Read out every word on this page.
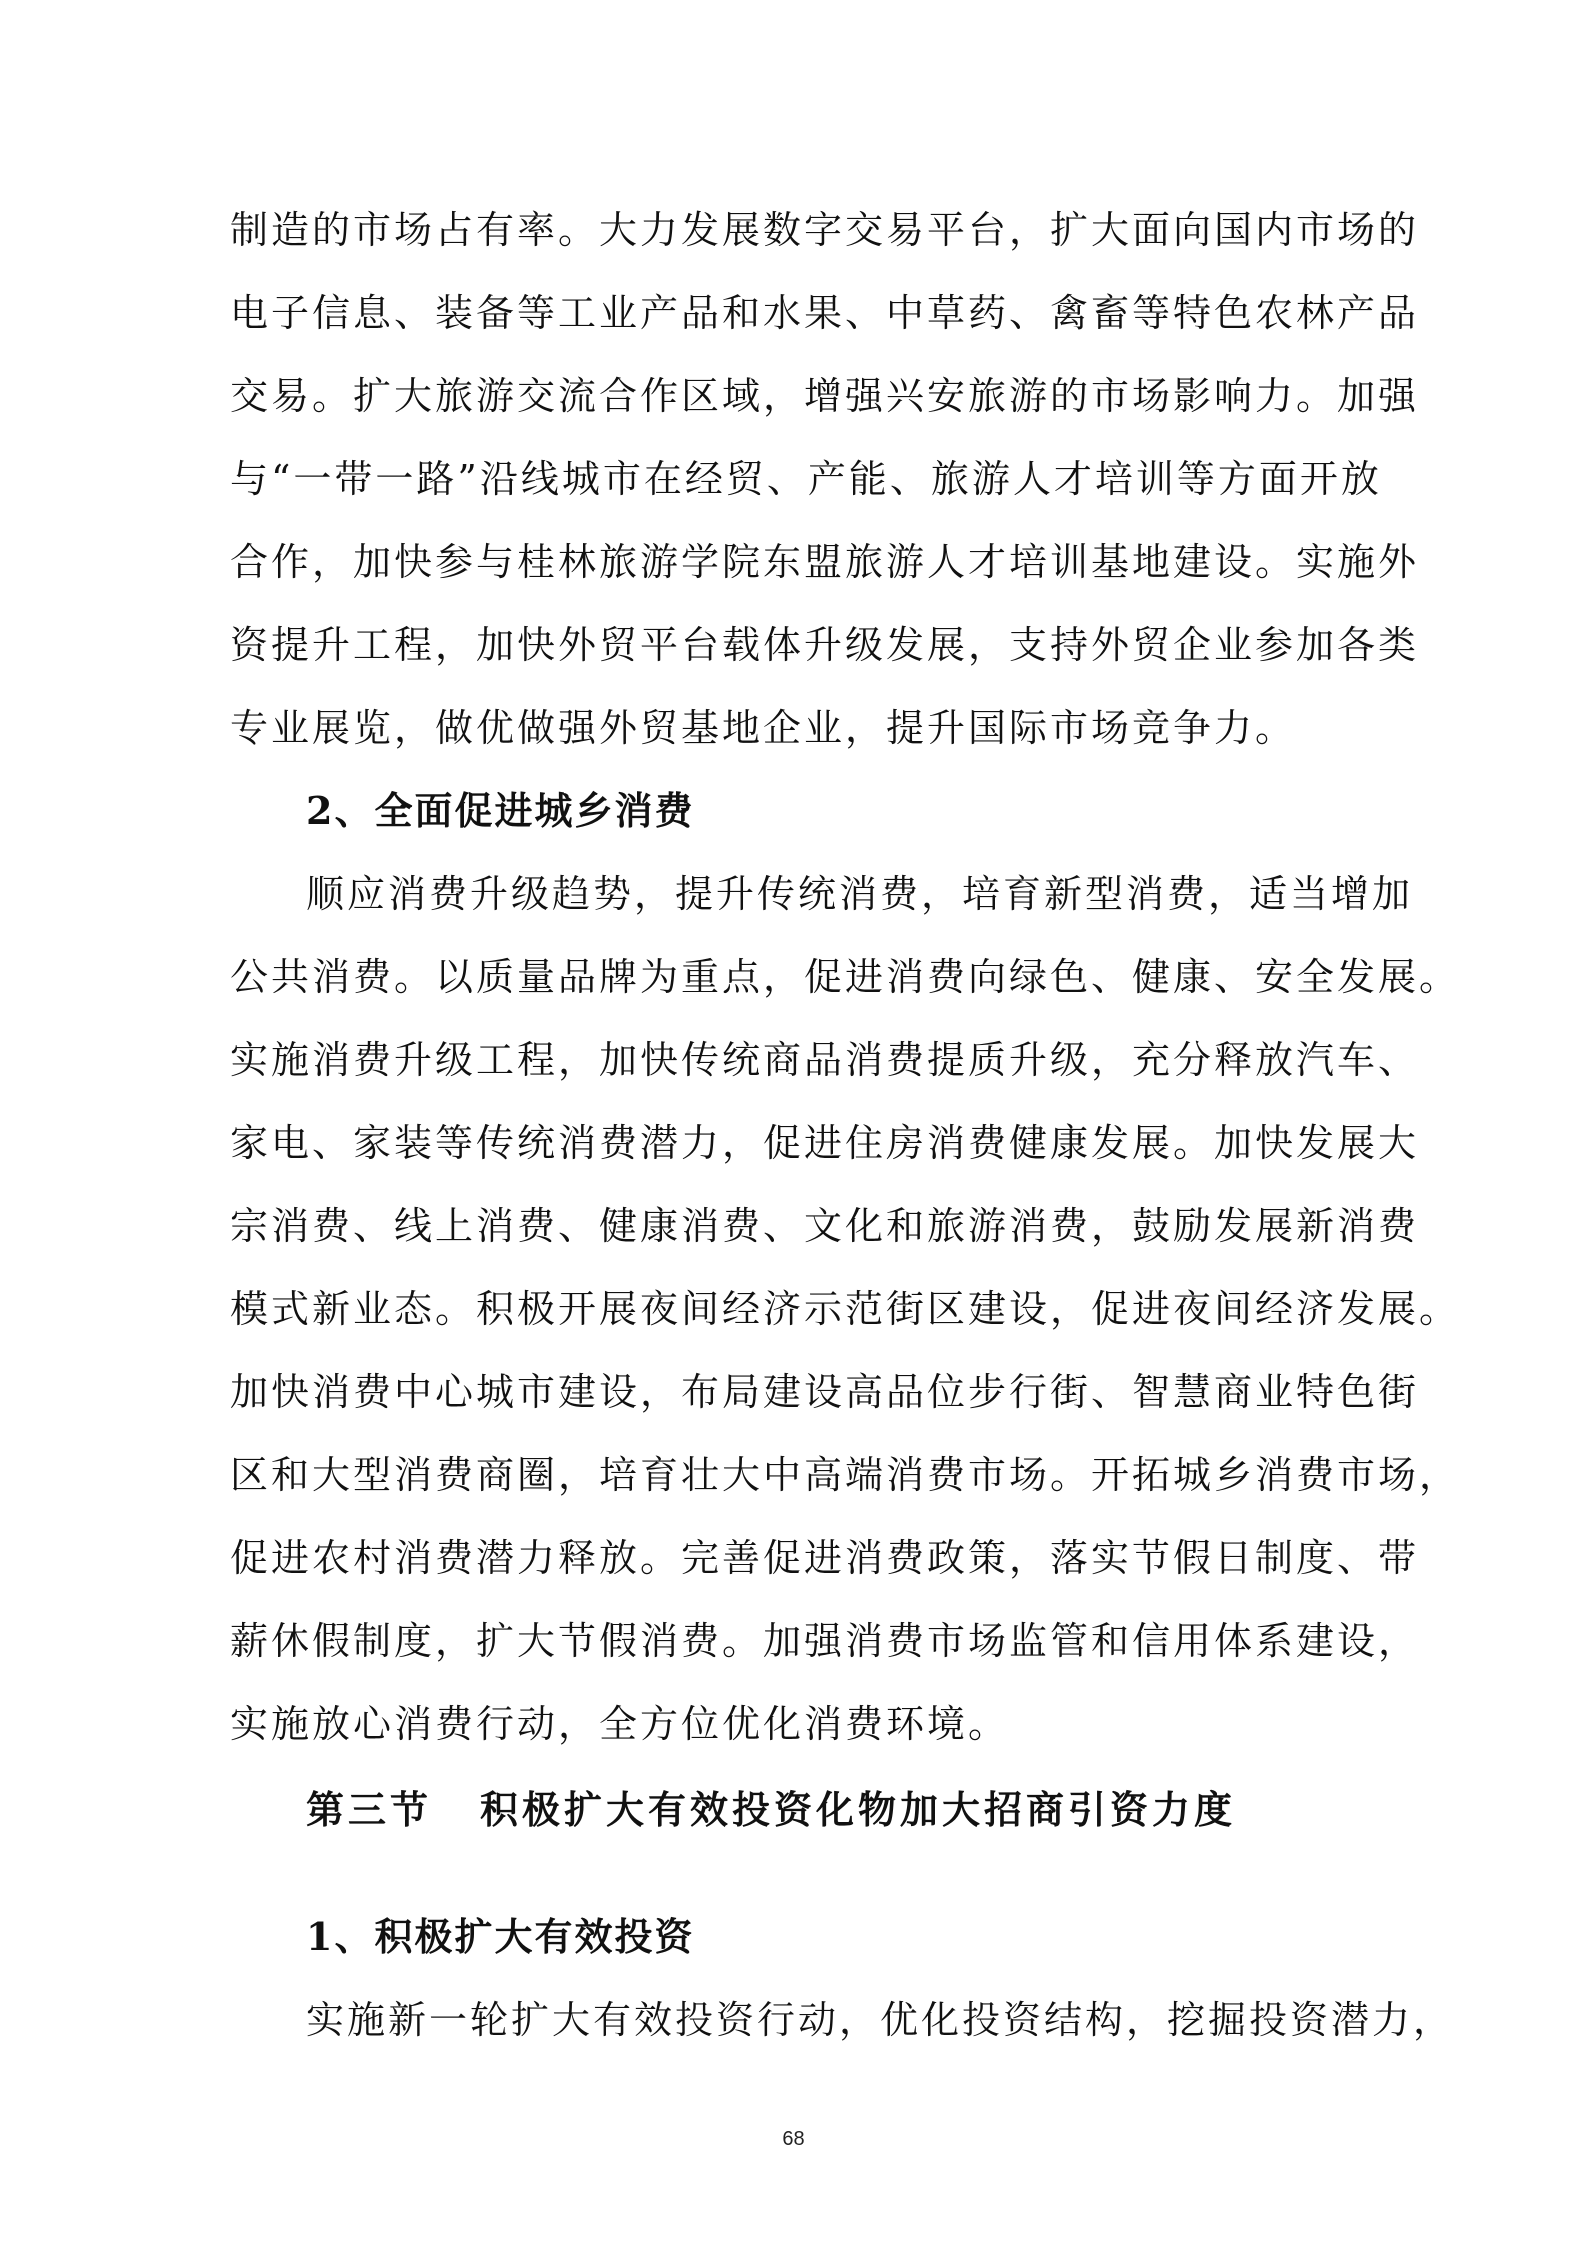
制造的市场占有率。大力发展数字交易平台，扩大面向国内市场的
电子信息、装备等工业产品和水果、中草药、禽畜等特色农林产品
交易。扩大旅游交流合作区域，增强兴安旅游的市场影响力。加强
与“一带一路”沿线城市在经贸、产能、旅游人才培训等方面开放
合作，加快参与桂林旅游学院东盟旅游人才培训基地建设。实施外
资提升工程，加快外贸平台载体升级发展，支持外贸企业参加各类
专业展览，做优做强外贸基地企业，提升国际市场竞争力。
2、全面促进城乡消费
顺应消费升级趋势，提升传统消费，培育新型消费，适当增加
公共消费。以质量品牌为重点，促进消费向绿色、健康、安全发展。
实施消费升级工程，加快传统商品消费提质升级，充分释放汽车、
家电、家装等传统消费潜力，促进住房消费健康发展。加快发展大
宗消费、线上消费、健康消费、文化和旅游消费，鼓励发展新消费
模式新业态。积极开展夜间经济示范街区建设，促进夜间经济发展。
加快消费中心城市建设，布局建设高品位步行街、智慧商业特色街
区和大型消费商圈，培育壮大中高端消费市场。开拓城乡消费市场，
促进农村消费潜力释放。完善促进消费政策，落实节假日制度、带
薪休假制度，扩大节假消费。加强消费市场监管和信用体系建设，
实施放心消费行动，全方位优化消费环境。
第三节 积极扩大有效投资化物加大招商引资力度
1、积极扩大有效投资
实施新一轮扩大有效投资行动，优化投资结构，挖掘投资潜力，
68
